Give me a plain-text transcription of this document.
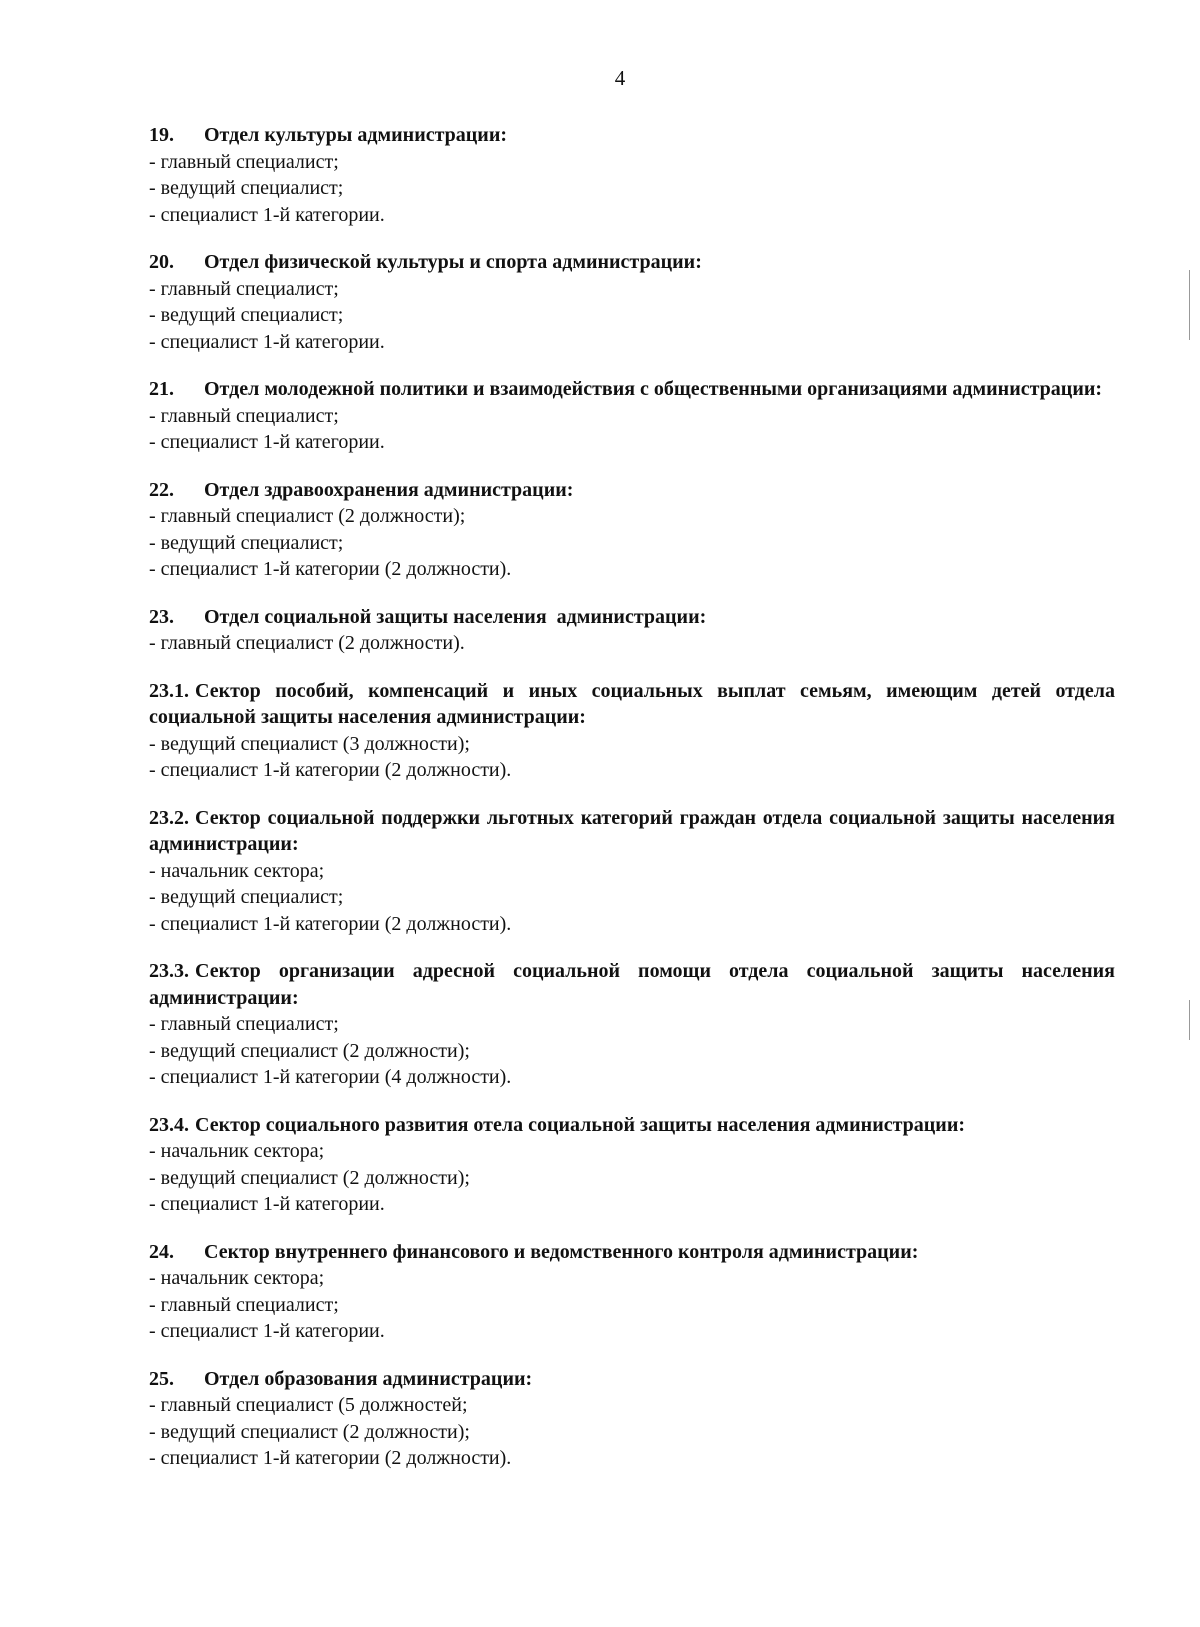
4
19. Отдел культуры администрации:
- главный специалист;
- ведущий специалист;
- специалист 1-й категории.
20. Отдел физической культуры и спорта администрации:
- главный специалист;
- ведущий специалист;
- специалист 1-й категории.
21. Отдел молодежной политики и взаимодействия с общественными организациями администрации:
- главный специалист;
- специалист 1-й категории.
22. Отдел здравоохранения администрации:
- главный специалист (2 должности);
- ведущий специалист;
- специалист 1-й категории (2 должности).
23. Отдел социальной защиты населения  администрации:
- главный специалист (2 должности).
23.1. Сектор пособий, компенсаций и иных социальных выплат семьям, имеющим детей отдела социальной защиты населения администрации:
- ведущий специалист (3 должности);
- специалист 1-й категории (2 должности).
23.2. Сектор социальной поддержки льготных категорий граждан отдела социальной защиты населения администрации:
- начальник сектора;
- ведущий специалист;
- специалист 1-й категории (2 должности).
23.3. Сектор организации адресной социальной помощи отдела социальной защиты населения администрации:
- главный специалист;
- ведущий специалист (2 должности);
- специалист 1-й категории (4 должности).
23.4. Сектор социального развития отела социальной защиты населения администрации:
- начальник сектора;
- ведущий специалист (2 должности);
- специалист 1-й категории.
24. Сектор внутреннего финансового и ведомственного контроля администрации:
- начальник сектора;
- главный специалист;
- специалист 1-й категории.
25. Отдел образования администрации:
- главный специалист (5 должностей;
- ведущий специалист (2 должности);
- специалист 1-й категории (2 должности).
